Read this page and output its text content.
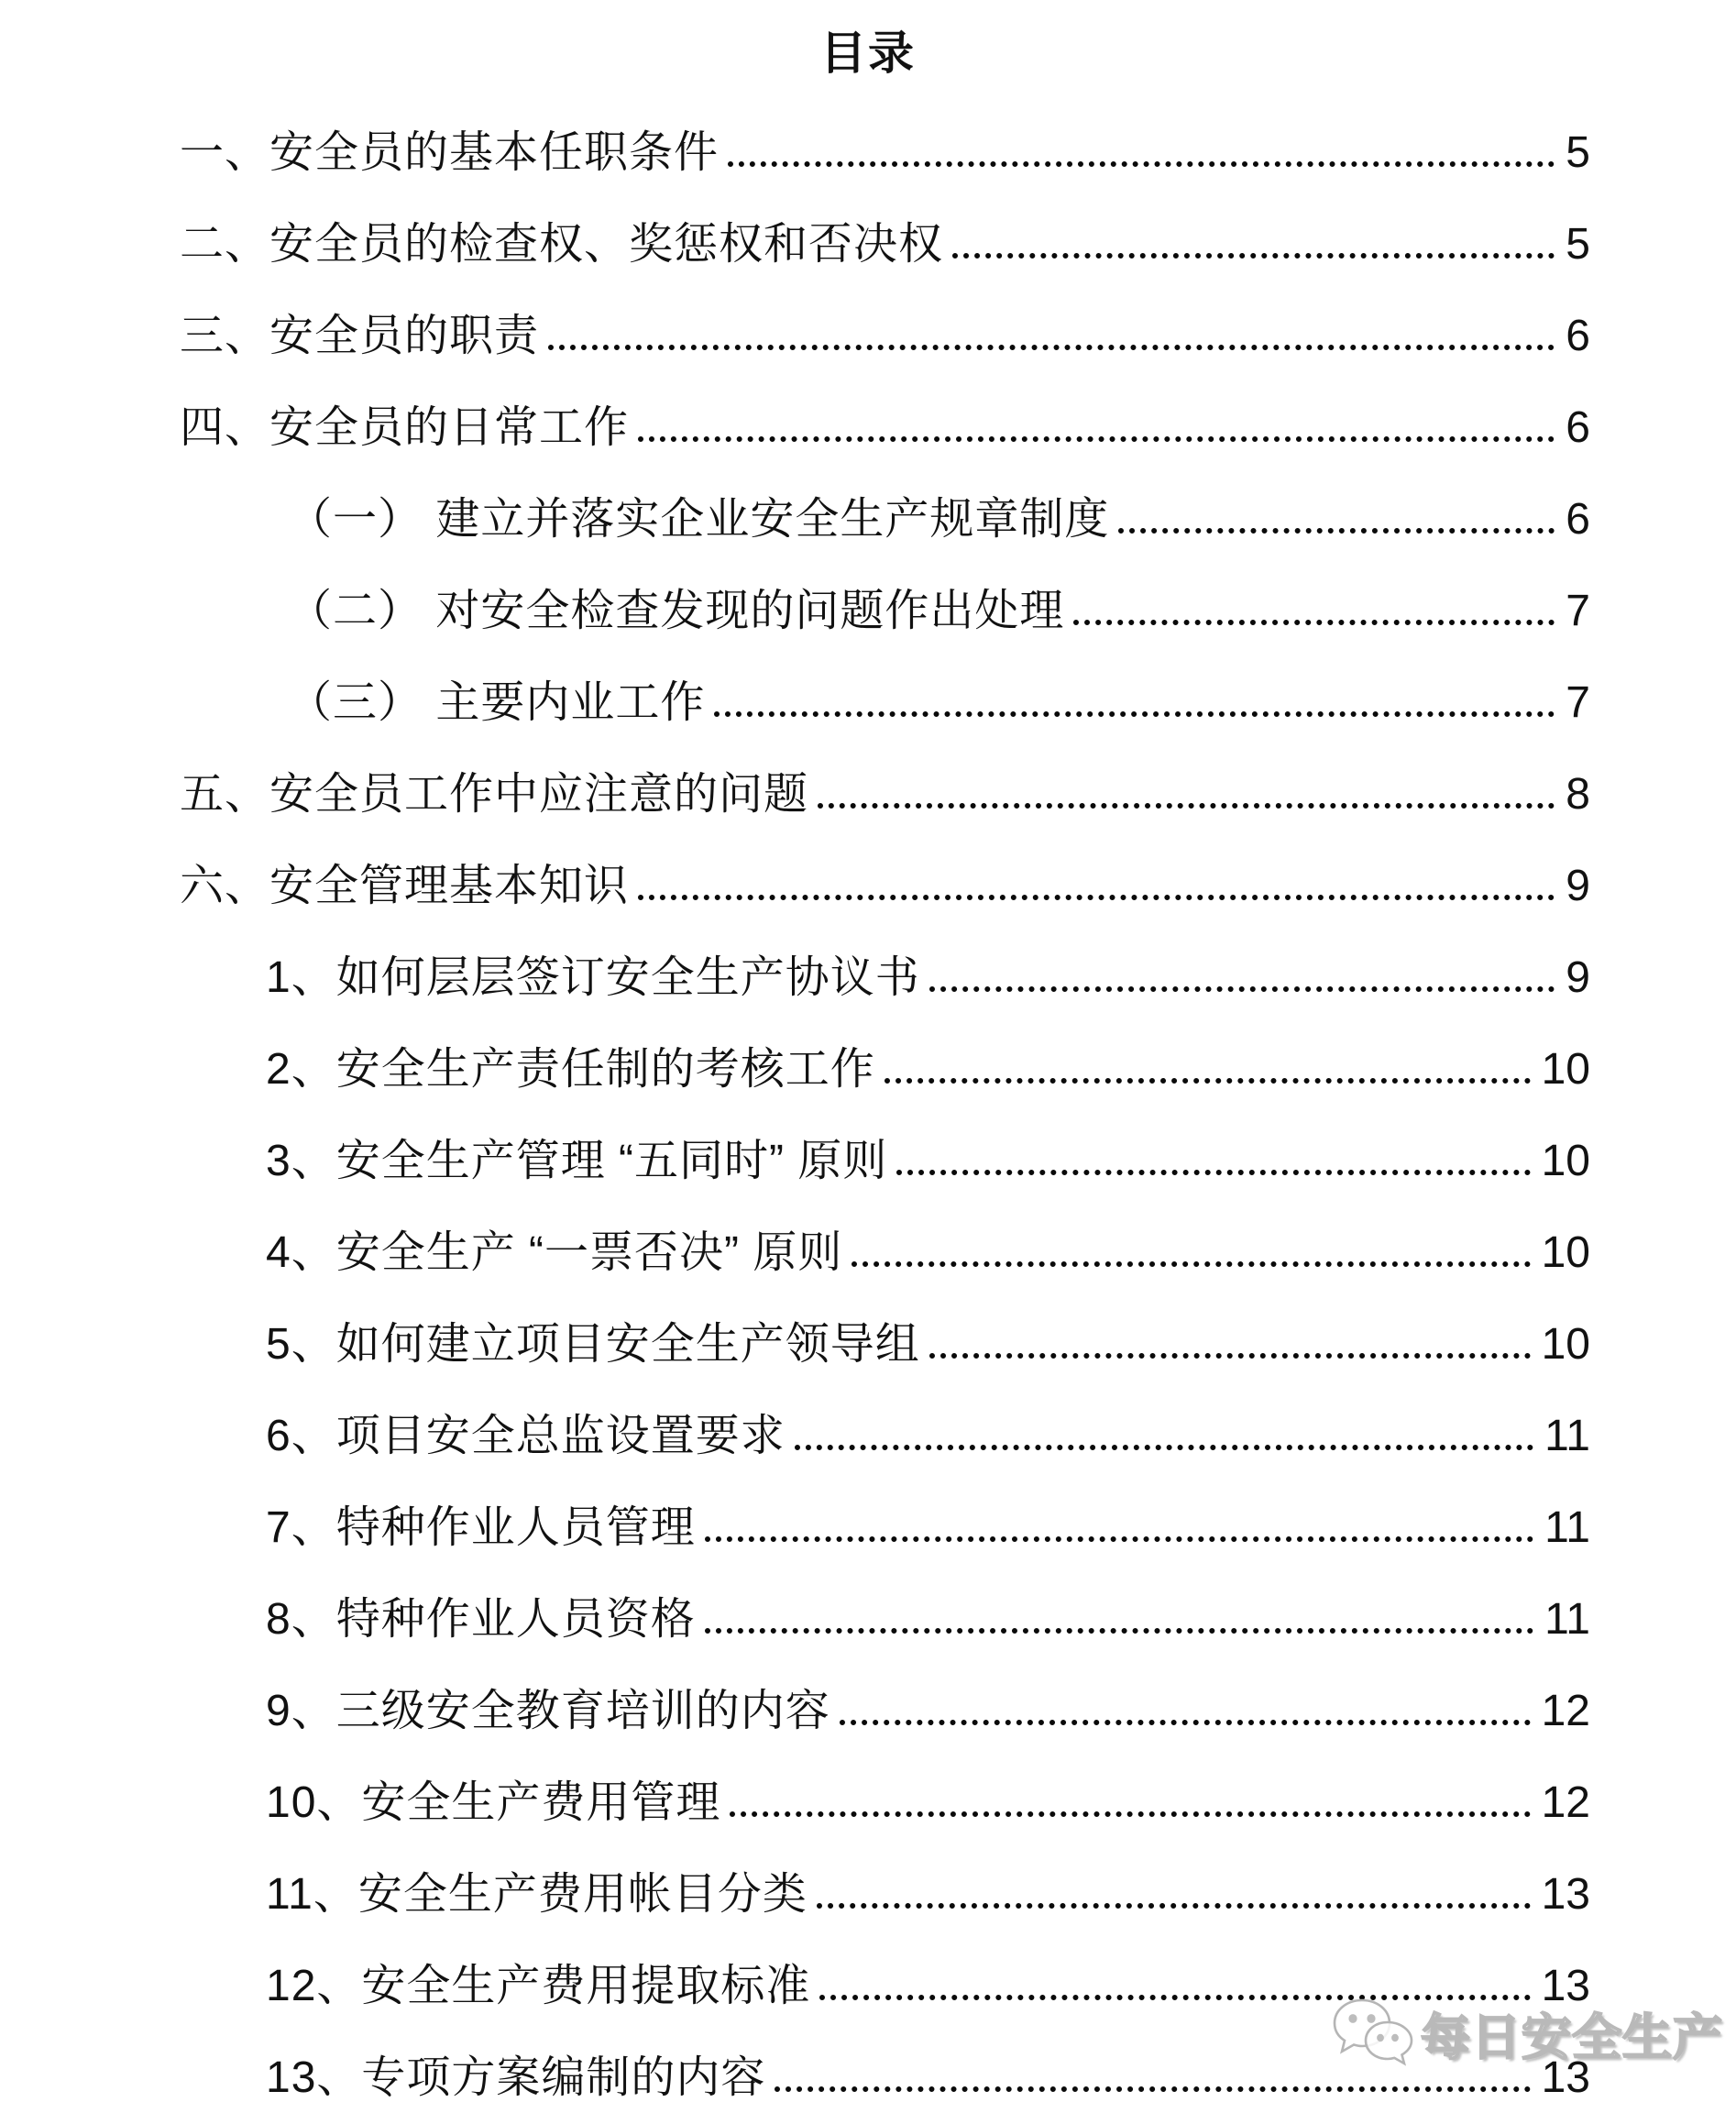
目录
一、安全员的基本任职条件	5
二、安全员的检查权、奖惩权和否决权	5
三、安全员的职责	6
四、安全员的日常工作	6
（一） 建立并落实企业安全生产规章制度	6
（二） 对安全检查发现的问题作出处理	7
（三） 主要内业工作	7
五、安全员工作中应注意的问题	8
六、安全管理基本知识	9
1、如何层层签订安全生产协议书	9
2、安全生产责任制的考核工作	10
3、安全生产管理 “五同时” 原则	10
4、安全生产 “一票否决” 原则	10
5、如何建立项目安全生产领导组	10
6、项目安全总监设置要求	11
7、特种作业人员管理	11
8、特种作业人员资格	11
9、三级安全教育培训的内容	12
10、安全生产费用管理	12
11、安全生产费用帐目分类	13
12、安全生产费用提取标准	13
13、专项方案编制的内容	13
每日安全生产
